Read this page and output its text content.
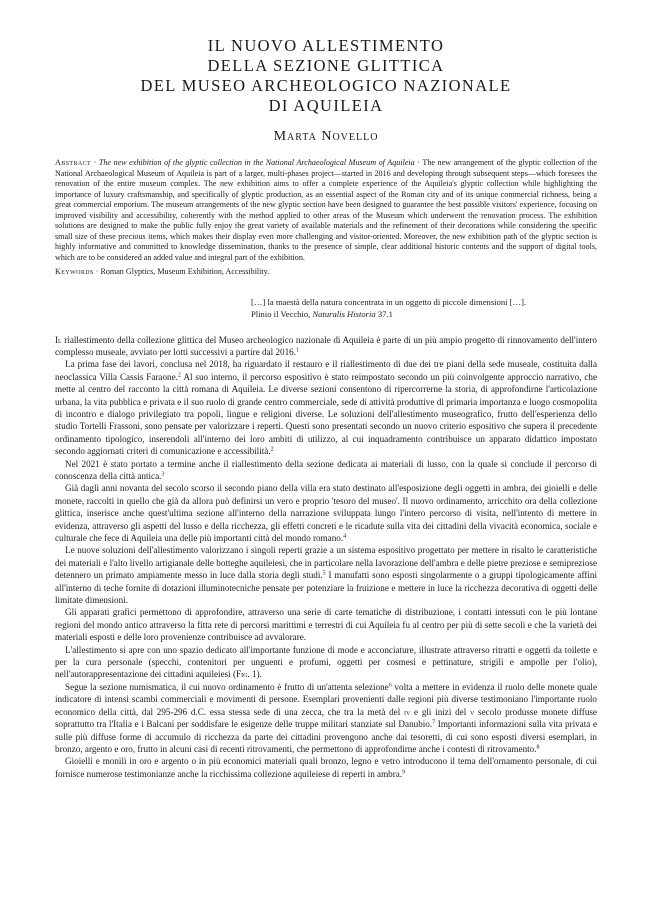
IL NUOVO ALLESTIMENTO
DELLA SEZIONE GLITTICA
DEL MUSEO ARCHEOLOGICO NAZIONALE
DI AQUILEIA
Marta Novello

Abstract · The new exhibition of the glyptic collection in the National Archaeological Museum of Aquileia · The new arrangement of the glyptic collection of the National Archaeological Museum of Aquileia is part of a larger, multi-phases project—started in 2016 and developing through subsequent steps—which foresees the renovation of the entire museum complex. The new exhibition aims to offer a complete experience of the Aquileia's glyptic collection while highlighting the importance of luxury craftsmanship, and specifically of glyptic production, as an essential aspect of the Roman city and of its unique commercial richness, being a great commercial emporium. The museum arrangements of the new glyptic section have been designed to guarantee the best possible visitors' experience, focusing on improved visibility and accessibility, coherently with the method applied to other areas of the Museum which underwent the renovation process. The exhibition solutions are designed to make the public fully enjoy the great variety of available materials and the refinement of their decorations while considering the specific small size of these precious items, which makes their display even more challenging and visitor-oriented. Moreover, the new exhibition path of the glyptic section is highly informative and committed to knowledge dissemination, thanks to the presence of simple, clear additional historic contents and the support of digital tools, which are to be considered an added value and integral part of the exhibition.

Keywords · Roman Glyptics, Museum Exhibition, Accessibility.
[…] la maestà della natura concentrata in un oggetto di piccole dimensioni […].
Plinio il Vecchio, Naturalis Historia 37.1

Il riallestimento della collezione glittica del Museo archeologico nazionale di Aquileia è parte di un più ampio progetto di rinnovamento dell'intero complesso museale, avviato per lotti successivi a partire dal 2016.$^1$

La prima fase dei lavori, conclusa nel 2018, ha riguardato il restauro e il riallestimento di due dei tre piani della sede museale, costituita dalla neoclassica Villa Cassis Faraone.$^2$ Al suo interno, il percorso espositivo è stato reimpostato secondo un più coinvolgente approccio narrativo, che mette al centro del racconto la città romana di Aquileia. Le diverse sezioni consentono di ripercorrerne la storia, di approfondirne l'articolazione urbana, la vita pubblica e privata e il suo ruolo di grande centro commerciale, sede di attività produttive di primaria importanza e luogo cosmopolita di incontro e dialogo privilegiato tra popoli, lingue e religioni diverse. Le soluzioni dell'allestimento museografico, frutto dell'esperienza dello studio Tortelli Frassoni, sono pensate per valorizzare i reperti. Questi sono presentati secondo un nuovo criterio espositivo che supera il precedente ordinamento tipologico, inserendoli all'interno dei loro ambiti di utilizzo, al cui inquadramento contribuisce un apparato didattico impostato secondo aggiornati criteri di comunicazione e accessibilità.$^2$

Nel 2021 è stato portato a termine anche il riallestimento della sezione dedicata ai materiali di lusso, con la quale si conclude il percorso di conoscenza della città antica.$^3$

Già dagli anni novanta del secolo scorso il secondo piano della villa era stato destinato all'esposizione degli oggetti in ambra, dei gioielli e delle monete, raccolti in quello che già da allora può definirsi un vero e proprio 'tesoro del museo'. Il nuovo ordinamento, arricchito ora della collezione glittica, inserisce anche quest'ultima sezione all'interno della narrazione sviluppata lungo l'intero percorso di visita, nell'intento di mettere in evidenza, attraverso gli aspetti del lusso e della ricchezza, gli effetti concreti e le ricadute sulla vita dei cittadini della vivacità economica, sociale e culturale che fece di Aquileia una delle più importanti città del mondo romano.$^4$

Le nuove soluzioni dell'allestimento valorizzano i singoli reperti grazie a un sistema espositivo progettato per mettere in risalto le caratteristiche dei materiali e l'alto livello artigianale delle botteghe aquileiesi, che in particolare nella lavorazione dell'ambra e delle pietre preziose e semipreziose detennero un primato ampiamente messo in luce dalla storia degli studi.$^5$ I manufatti sono esposti singolarmente o a gruppi tipologicamente affini all'interno di teche fornite di dotazioni illuminotecniche pensate per potenziare la fruizione e mettere in luce la ricchezza decorativa di oggetti delle limitate dimensioni.

Gli apparati grafici permettono di approfondire, attraverso una serie di carte tematiche di distribuzione, i contatti intessuti con le più lontane regioni del mondo antico attraverso la fitta rete di percorsi marittimi e terrestri di cui Aquileia fu al centro per più di sette secoli e che la varietà dei materiali esposti e delle loro provenienze contribuisce ad avvalorare.

L'allestimento si apre con uno spazio dedicato all'importante funzione di mode e acconciature, illustrate attraverso ritratti e oggetti da toilette e per la cura personale (specchi, contenitori per unguenti e profumi, oggetti per cosmesi e pettinature, strigili e ampolle per l'olio), nell'autorappresentazione dei cittadini aquileiesi (Fig. 1).

Segue la sezione numismatica, il cui nuovo ordinamento è frutto di un'attenta selezione$^6$ volta a mettere in evidenza il ruolo delle monete quale indicatore di intensi scambi commerciali e movimenti di persone. Esemplari provenienti dalle regioni più diverse testimoniano l'importante ruolo economico della città, dal 295-296 d.C. essa stessa sede di una zecca, che tra la metà del iv e gli inizi del v secolo produsse monete diffuse soprattutto tra l'Italia e i Balcani per soddisfare le esigenze delle truppe militari stanziate sul Danubio.$^7$ Importanti informazioni sulla vita privata e sulle più diffuse forme di accumulo di ricchezza da parte dei cittadini provengono anche dai tesoretti, di cui sono esposti diversi esemplari, in bronzo, argento e oro, frutto in alcuni casi di recenti ritrovamenti, che permettono di approfondirne anche i contesti di ritrovamento.$^8$

Gioielli e monili in oro e argento o in più economici materiali quali bronzo, legno e vetro introducono il tema dell'ornamento personale, di cui fornisce numerose testimonianze anche la ricchissima collezione aquileiese di reperti in ambra.$^9$
